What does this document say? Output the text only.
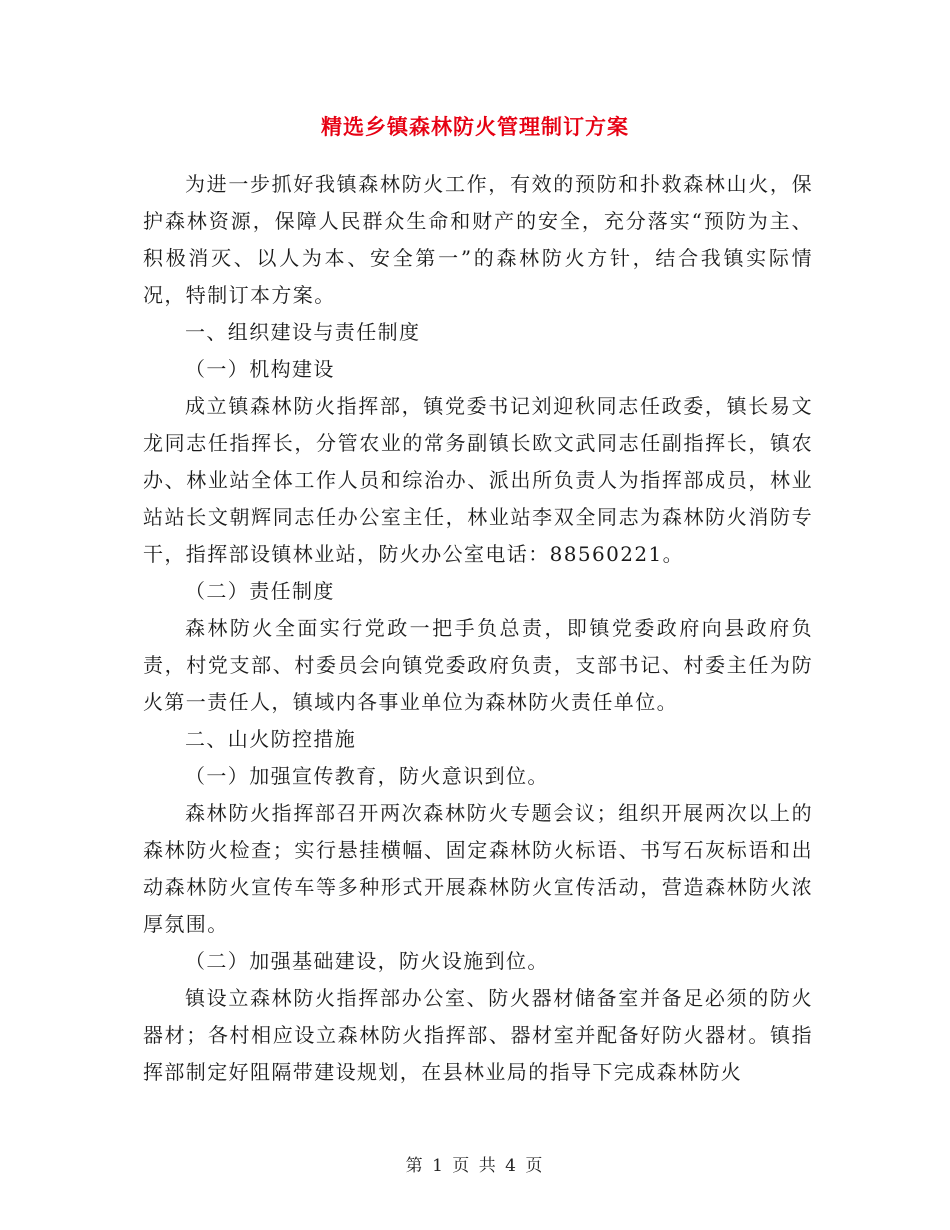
精选乡镇森林防火管理制订方案

为进一步抓好我镇森林防火工作，有效的预防和扑救森林山火，保护森林资源，保障人民群众生命和财产的安全，充分落实“预防为主、积极消灭、以人为本、安全第一”的森林防火方针，结合我镇实际情况，特制订本方案。

一、组织建设与责任制度

（一）机构建设

成立镇森林防火指挥部，镇党委书记刘迎秋同志任政委，镇长易文龙同志任指挥长，分管农业的常务副镇长欧文武同志任副指挥长，镇农办、林业站全体工作人员和综治办、派出所负责人为指挥部成员，林业站站长文朝辉同志任办公室主任，林业站李双全同志为森林防火消防专干，指挥部设镇林业站，防火办公室电话：88560221。

（二）责任制度

森林防火全面实行党政一把手负总责，即镇党委政府向县政府负责，村党支部、村委员会向镇党委政府负责，支部书记、村委主任为防火第一责任人，镇域内各事业单位为森林防火责任单位。

二、山火防控措施

（一）加强宣传教育，防火意识到位。

森林防火指挥部召开两次森林防火专题会议；组织开展两次以上的森林防火检查；实行悬挂横幅、固定森林防火标语、书写石灰标语和出动森林防火宣传车等多种形式开展森林防火宣传活动，营造森林防火浓厚氛围。

（二）加强基础建设，防火设施到位。

镇设立森林防火指挥部办公室、防火器材储备室并备足必须的防火器材；各村相应设立森林防火指挥部、器材室并配备好防火器材。镇指挥部制定好阻隔带建设规划，在县林业局的指导下完成森林防火

第 1 页 共 4 页
